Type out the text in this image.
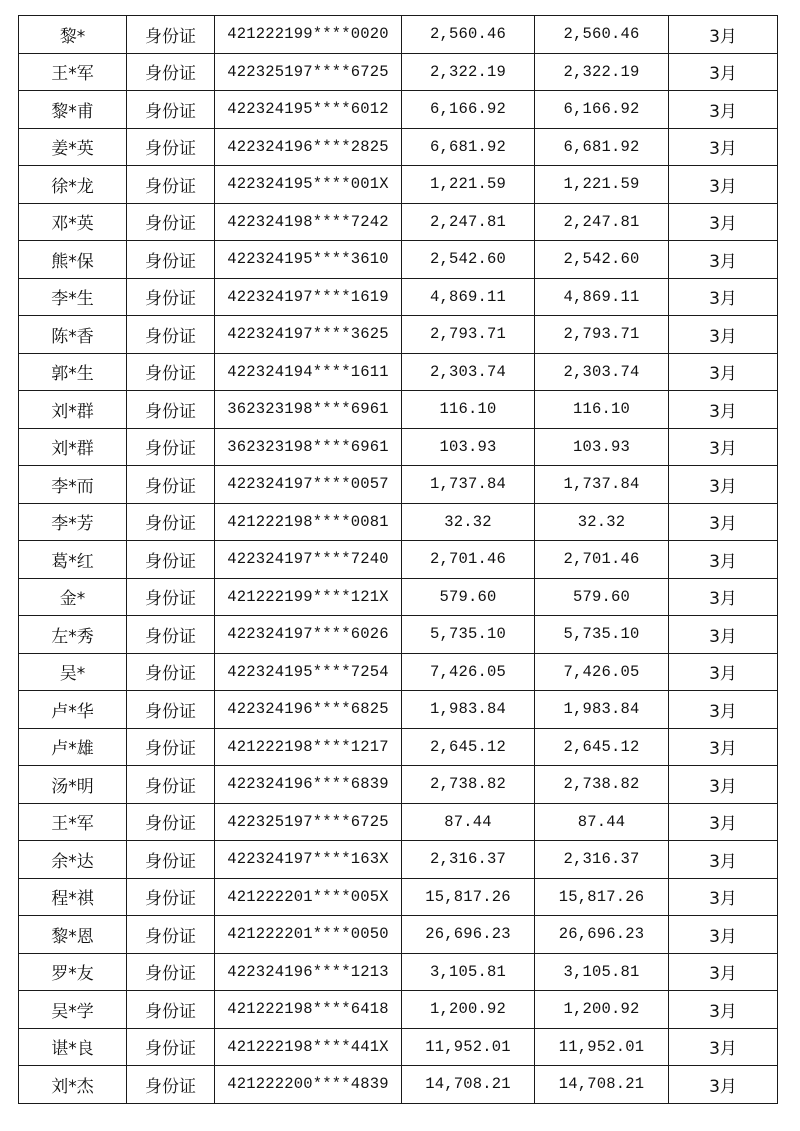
黎*	身份证	421222199****0020	2,560.46	2,560.46	3月
王*军	身份证	422325197****6725	2,322.19	2,322.19	3月
黎*甫	身份证	422324195****6012	6,166.92	6,166.92	3月
姜*英	身份证	422324196****2825	6,681.92	6,681.92	3月
徐*龙	身份证	422324195****001X	1,221.59	1,221.59	3月
邓*英	身份证	422324198****7242	2,247.81	2,247.81	3月
熊*保	身份证	422324195****3610	2,542.60	2,542.60	3月
李*生	身份证	422324197****1619	4,869.11	4,869.11	3月
陈*香	身份证	422324197****3625	2,793.71	2,793.71	3月
郭*生	身份证	422324194****1611	2,303.74	2,303.74	3月
刘*群	身份证	362323198****6961	116.10	116.10	3月
刘*群	身份证	362323198****6961	103.93	103.93	3月
李*而	身份证	422324197****0057	1,737.84	1,737.84	3月
李*芳	身份证	421222198****0081	32.32	32.32	3月
葛*红	身份证	422324197****7240	2,701.46	2,701.46	3月
金*	身份证	421222199****121X	579.60	579.60	3月
左*秀	身份证	422324197****6026	5,735.10	5,735.10	3月
吴*	身份证	422324195****7254	7,426.05	7,426.05	3月
卢*华	身份证	422324196****6825	1,983.84	1,983.84	3月
卢*雄	身份证	421222198****1217	2,645.12	2,645.12	3月
汤*明	身份证	422324196****6839	2,738.82	2,738.82	3月
王*军	身份证	422325197****6725	87.44	87.44	3月
余*达	身份证	422324197****163X	2,316.37	2,316.37	3月
程*祺	身份证	421222201****005X	15,817.26	15,817.26	3月
黎*恩	身份证	421222201****0050	26,696.23	26,696.23	3月
罗*友	身份证	422324196****1213	3,105.81	3,105.81	3月
吴*学	身份证	421222198****6418	1,200.92	1,200.92	3月
谌*良	身份证	421222198****441X	11,952.01	11,952.01	3月
刘*杰	身份证	421222200****4839	14,708.21	14,708.21	3月
